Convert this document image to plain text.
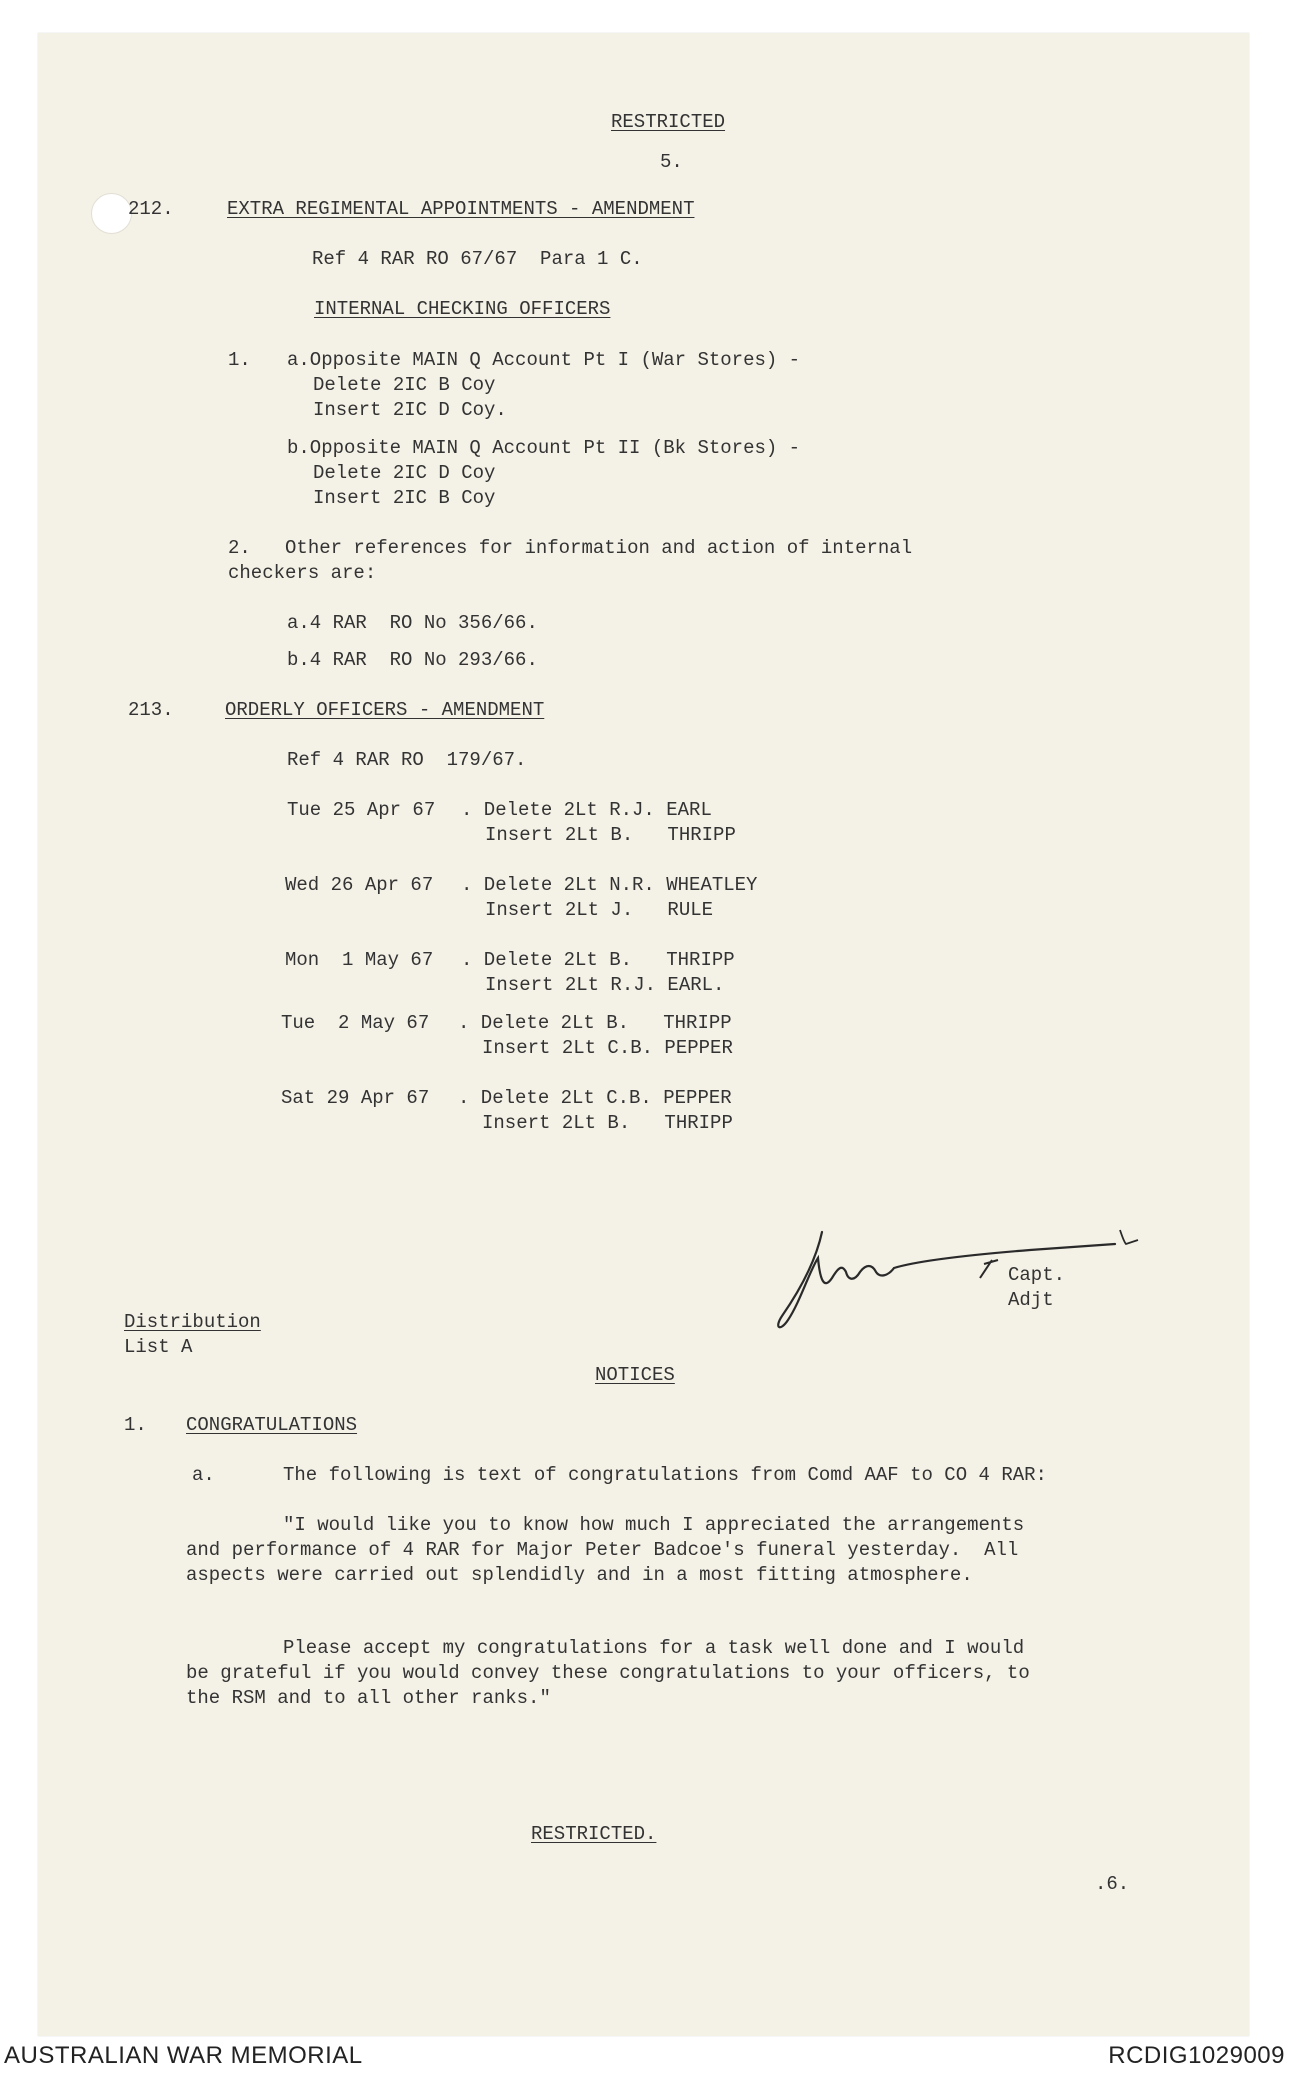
RESTRICTED
5.
212.	EXTRA REGIMENTAL APPOINTMENTS - AMENDMENT
Ref 4 RAR RO 67/67  Para 1 C.
INTERNAL CHECKING OFFICERS
1. a.Opposite MAIN Q Account Pt I (War Stores) -
Delete 2IC B Coy
Insert 2IC D Coy.
b.Opposite MAIN Q Account Pt II (Bk Stores) -
Delete 2IC D Coy
Insert 2IC B Coy
2.   Other references for information and action of internal
checkers are:
a.4 RAR  RO No 356/66.
b.4 RAR  RO No 293/66.
213.	ORDERLY OFFICERS - AMENDMENT
Ref 4 RAR RO  179/67.
Tue 25 Apr 67 . Delete 2Lt R.J. EARL
Insert 2Lt B.   THRIPP
Wed 26 Apr 67 . Delete 2Lt N.R. WHEATLEY
Insert 2Lt J.   RULE
Mon  1 May 67 . Delete 2Lt B.   THRIPP
Insert 2Lt R.J. EARL.
Tue  2 May 67 . Delete 2Lt B.   THRIPP
Insert 2Lt C.B. PEPPER
Sat 29 Apr 67 . Delete 2Lt C.B. PEPPER
Insert 2Lt B.   THRIPP
Capt.
Adjt
Distribution
List A
NOTICES
1. CONGRATULATIONS
a.	The following is text of congratulations from Comd AAF to CO 4 RAR:
"I would like you to know how much I appreciated the arrangements
and performance of 4 RAR for Major Peter Badcoe's funeral yesterday.  All
aspects were carried out splendidly and in a most fitting atmosphere.
Please accept my congratulations for a task well done and I would
be grateful if you would convey these congratulations to your officers, to
the RSM and to all other ranks."
RESTRICTED.
.6.
AUSTRALIAN WAR MEMORIAL	RCDIG1029009
